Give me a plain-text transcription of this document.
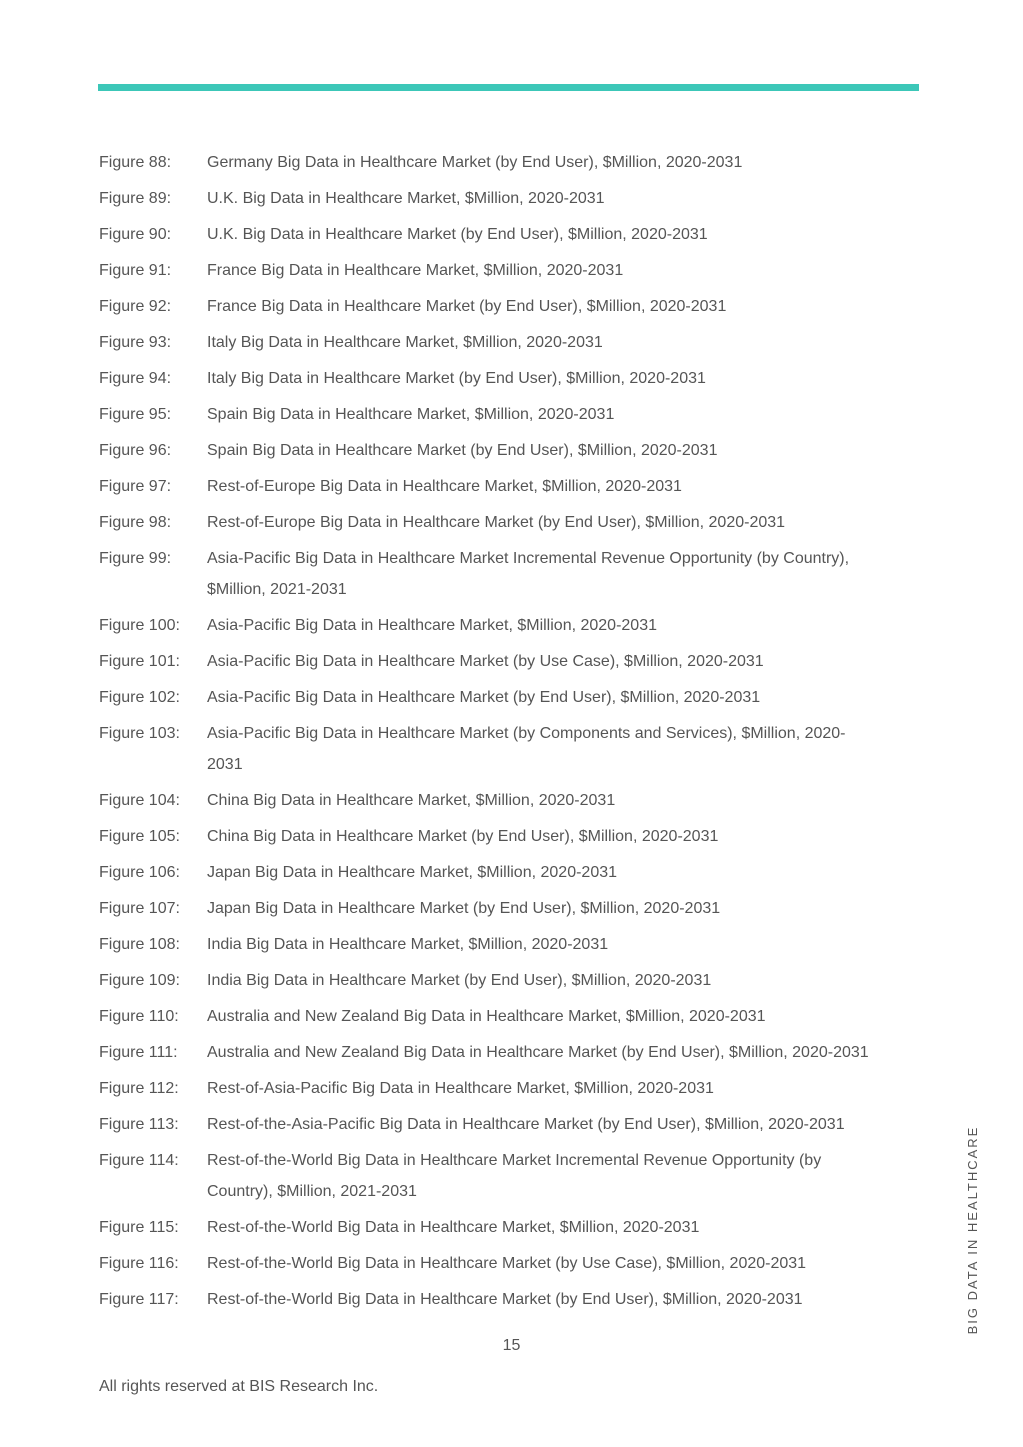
Figure 88:	Germany Big Data in Healthcare Market (by End User), $Million, 2020-2031
Figure 89:	U.K. Big Data in Healthcare Market, $Million, 2020-2031
Figure 90:	U.K. Big Data in Healthcare Market (by End User), $Million, 2020-2031
Figure 91:	France Big Data in Healthcare Market, $Million, 2020-2031
Figure 92:	France Big Data in Healthcare Market (by End User), $Million, 2020-2031
Figure 93:	Italy Big Data in Healthcare Market, $Million, 2020-2031
Figure 94:	Italy Big Data in Healthcare Market (by End User), $Million, 2020-2031
Figure 95:	Spain Big Data in Healthcare Market, $Million, 2020-2031
Figure 96:	Spain Big Data in Healthcare Market (by End User), $Million, 2020-2031
Figure 97:	Rest-of-Europe Big Data in Healthcare Market, $Million, 2020-2031
Figure 98:	Rest-of-Europe Big Data in Healthcare Market (by End User), $Million, 2020-2031
Figure 99:	Asia-Pacific Big Data in Healthcare Market Incremental Revenue Opportunity (by Country),
$Million, 2021-2031
Figure 100:	Asia-Pacific Big Data in Healthcare Market, $Million, 2020-2031
Figure 101:	Asia-Pacific Big Data in Healthcare Market (by Use Case), $Million, 2020-2031
Figure 102:	Asia-Pacific Big Data in Healthcare Market (by End User), $Million, 2020-2031
Figure 103:	Asia-Pacific Big Data in Healthcare Market (by Components and Services), $Million, 2020-
2031
Figure 104:	China Big Data in Healthcare Market, $Million, 2020-2031
Figure 105:	China Big Data in Healthcare Market (by End User), $Million, 2020-2031
Figure 106:	Japan Big Data in Healthcare Market, $Million, 2020-2031
Figure 107:	Japan Big Data in Healthcare Market (by End User), $Million, 2020-2031
Figure 108:	India Big Data in Healthcare Market, $Million, 2020-2031
Figure 109:	India Big Data in Healthcare Market (by End User), $Million, 2020-2031
Figure 110:	Australia and New Zealand Big Data in Healthcare Market, $Million, 2020-2031
Figure 111:	Australia and New Zealand Big Data in Healthcare Market (by End User), $Million, 2020-2031
Figure 112:	Rest-of-Asia-Pacific Big Data in Healthcare Market, $Million, 2020-2031
Figure 113:	Rest-of-the-Asia-Pacific Big Data in Healthcare Market (by End User), $Million, 2020-2031
Figure 114:	Rest-of-the-World Big Data in Healthcare Market Incremental Revenue Opportunity (by
Country), $Million, 2021-2031
Figure 115:	Rest-of-the-World Big Data in Healthcare Market, $Million, 2020-2031
Figure 116:	Rest-of-the-World Big Data in Healthcare Market (by Use Case), $Million, 2020-2031
Figure 117:	Rest-of-the-World Big Data in Healthcare Market (by End User), $Million, 2020-2031
15
All rights reserved at BIS Research Inc.
BIG DATA IN HEALTHCARE
